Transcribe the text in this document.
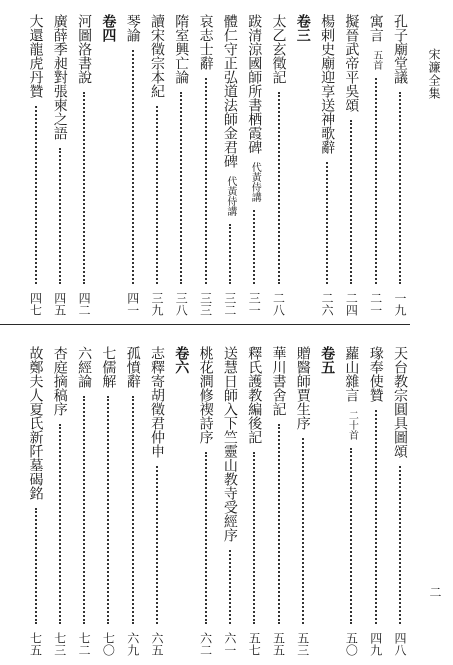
宋濂全集
二
孔子廟堂議
一九
寓言
五首
二一
擬晉武帝平吳頌
二四
楊剌史廟迎享送神歌辭
二六
卷三
太乙玄徵記
二八
跋清涼國師所書栖霞碑
代黃侍講
三一
體仁守正弘道法師金君碑
代黃侍講
三二
哀志士辭
三三
隋室興亡論
三八
讀宋徵宗本紀
三九
琴諭
四一
卷四
河圖洛書說
四二
廣薛季昶對張柬之語
四五
大還龍虎丹贊
四七
天台教宗圓具圖頌
四八
瑑奉使贊
四九
蘿山雜言
二十首
五〇
卷五
贈醫師賈生序
五三
華川書舍記
五五
釋氏護教編後記
五七
送慧日師入下竺靈山教寺受經序
六一
桃花澗修禊詩序
六二
卷六
志釋寄胡徵君仲申
六五
孤憤辭
六九
七儒解
七〇
六經論
七二
杏庭摘稿序
七三
故鄭夫人夏氏新阡墓碣銘
七五
